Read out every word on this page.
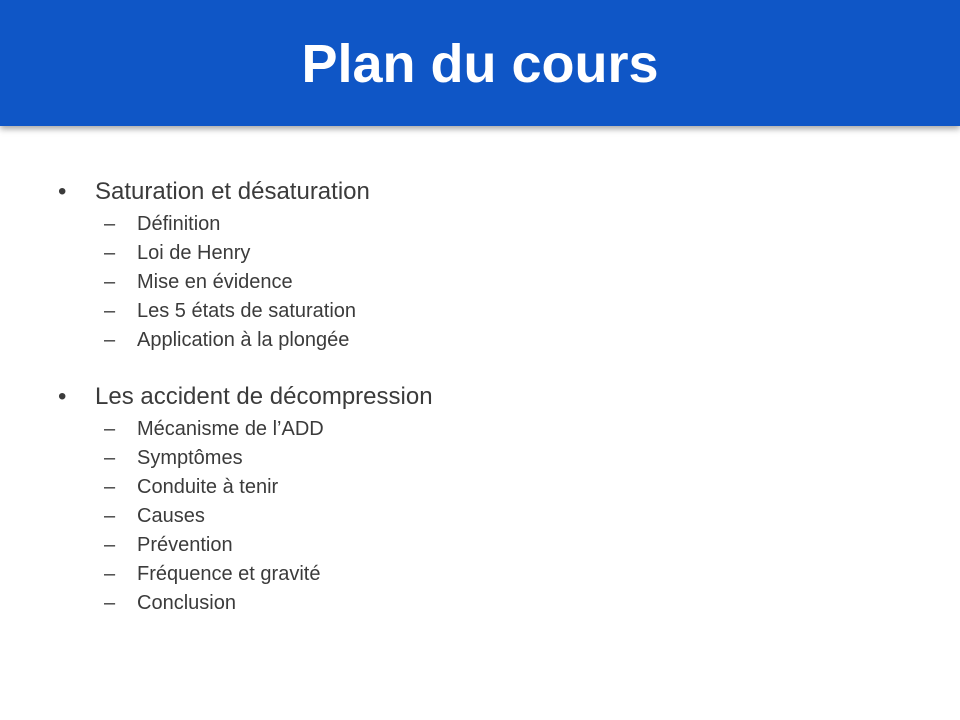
Plan du cours
• Saturation et désaturation
– Définition
– Loi de Henry
– Mise en évidence
– Les 5 états de saturation
– Application à la plongée
• Les accident de décompression
– Mécanisme de l’ADD
– Symptômes
– Conduite à tenir
– Causes
– Prévention
– Fréquence et gravité
– Conclusion
